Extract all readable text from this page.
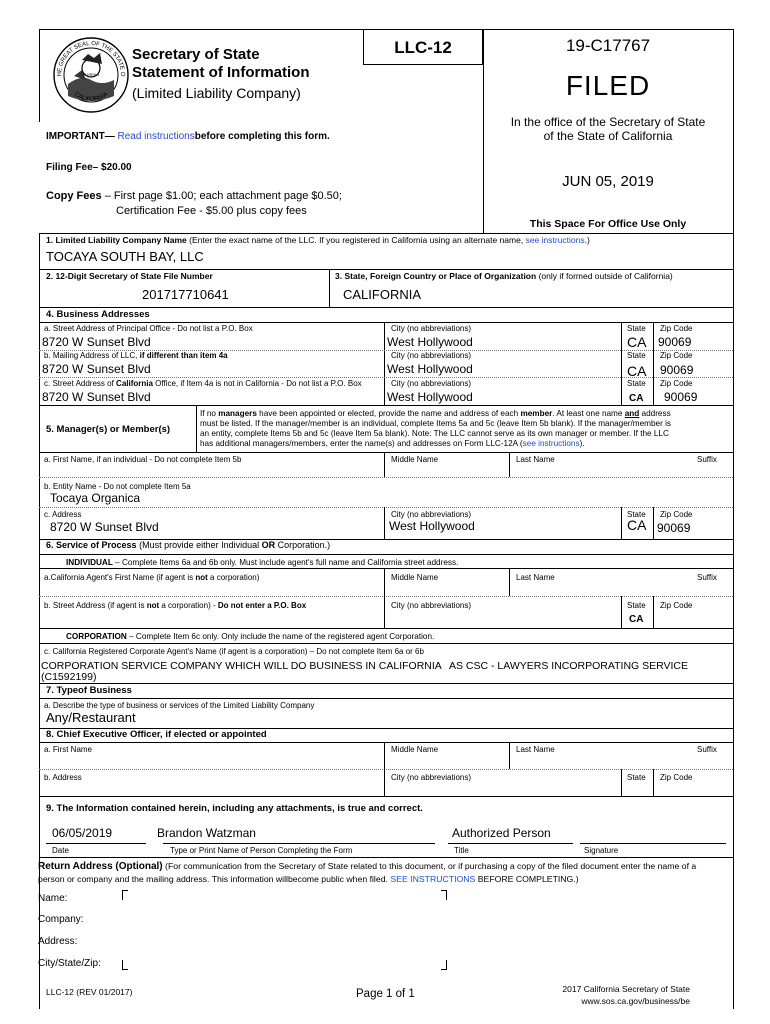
HE GREAT SEAL OF THE STATE O
CALIFORNIA
EUREKA
Secretary of State
Statement of Information
(Limited Liability Company)
LLC-12
IMPORTANT— Read instructionsbefore completing this form.
Filing Fee– $20.00
Copy Fees – First page $1.00; each attachment page $0.50;
Certification Fee - $5.00 plus copy fees
19-C17767
FILED
In the office of the Secretary of State
of the State of California
JUN 05, 2019
This Space For Office Use Only
1. Limited Liability Company Name (Enter the exact name of the LLC. If you registered in California using an alternate name, see instructions.)
TOCAYA SOUTH BAY, LLC
2. 12-Digit Secretary of State File Number
201717710641
3. State, Foreign Country or Place of Organization (only if formed outside of California)
CALIFORNIA
4. Business Addresses
a. Street Address of Principal Office - Do not list a P.O. Box	City (no abbreviations)	State Zip Code
8720 W Sunset Blvd	West Hollywood	CA 90069
b. Mailing Address of LLC, if different than item 4a	City (no abbreviations)	State Zip Code
8720 W Sunset Blvd	West Hollywood	CA 90069
c. Street Address of California Office, if Item 4a is not in California - Do not list a P.O. Box	City (no abbreviations)	State Zip Code
8720 W Sunset Blvd	West Hollywood	CA 90069
5. Manager(s) or Member(s)
If no managers have been appointed or elected, provide the name and address of each member. At least one name and address
must be listed. If the manager/member is an individual, complete Items 5a and 5c (leave Item 5b blank). If the manager/member is
an entity, complete Items 5b and 5c (leave Item 5a blank). Note: The LLC cannot serve as its own manager or member. If the LLC
has additional managers/members, enter the name(s) and addresses on Form LLC-12A (see instructions).
a. First Name, if an individual - Do not complete Item 5b	Middle Name	Last Name	Suffix
b. Entity Name - Do not complete Item 5a
Tocaya Organica
c. Address	City (no abbreviations)	State Zip Code
8720 W Sunset Blvd	West Hollywood	CA 90069
6. Service of Process (Must provide either Individual OR Corporation.)
INDIVIDUAL – Complete Items 6a and 6b only. Must include agent's full name and California street address.
a.California Agent's First Name (if agent is not a corporation)	Middle Name	Last Name	Suffix
b. Street Address (if agent is not a corporation) - Do not enter a P.O. Box	City (no abbreviations)	State Zip Code
CA
CORPORATION – Complete Item 6c only. Only include the name of the registered agent Corporation.
c. California Registered Corporate Agent's Name (if agent is a corporation) – Do not complete Item 6a or 6b
CORPORATION SERVICE COMPANY WHICH WILL DO BUSINESS IN CALIFORNIA AS CSC - LAWYERS INCORPORATING SERVICE
(C1592199)
7. Typeof Business
a. Describe the type of business or services of the Limited Liability Company
Any/Restaurant
8. Chief Executive Officer, if elected or appointed
a. First Name	Middle Name	Last Name	Suffix
b. Address	City (no abbreviations)	State Zip Code
9. The Information contained herein, including any attachments, is true and correct.
06/05/2019	Brandon Watzman	Authorized Person
Date	Type or Print Name of Person Completing the Form	Title	Signature
Return Address (Optional) (For communication from the Secretary of State related to this document, or if purchasing a copy of the filed document enter the name of a
person or company and the mailing address. This information willbecome public when filed. SEE INSTRUCTIONS BEFORE COMPLETING.)
Name:
Company:
Address:
City/State/Zip:
LLC-12 (REV 01/2017)	Page 1 of 1	2017 California Secretary of State
www.sos.ca.gov/business/be
